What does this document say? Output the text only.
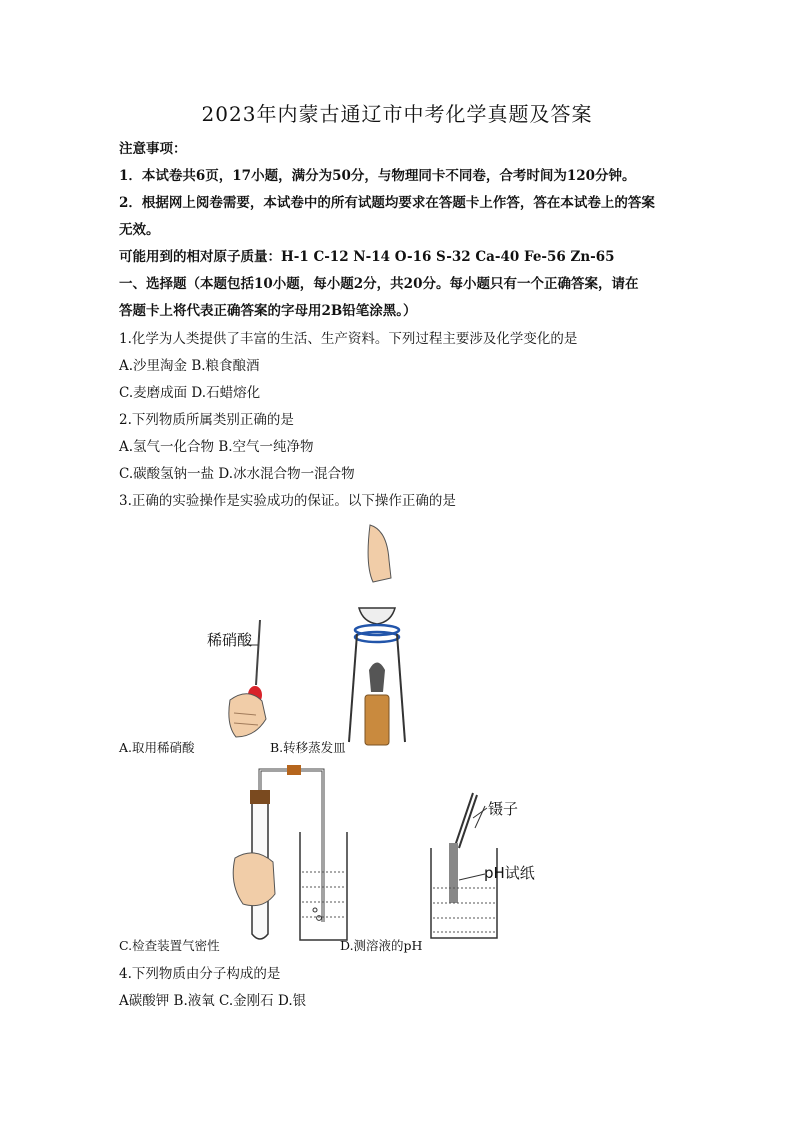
2023年内蒙古通辽市中考化学真题及答案
注意事项：
1．本试卷共6页，17小题，满分为50分，与物理同卡不同卷，合考时间为120分钟。
2．根据网上阅卷需要，本试卷中的所有试题均要求在答题卡上作答，答在本试卷上的答案
无效。
可能用到的相对原子质量：H-1 C-12 N-14 O-16 S-32 Ca-40 Fe-56 Zn-65
一、选择题（本题包括10小题，每小题2分，共20分。每小题只有一个正确答案，请在
答题卡上将代表正确答案的字母用2B铅笔涂黑。）
1.化学为人类提供了丰富的生活、生产资料。下列过程主要涉及化学变化的是
A.沙里淘金 B.粮食酿酒
C.麦磨成面 D.石蜡熔化
2.下列物质所属类别正确的是
A.氢气一化合物 B.空气一纯净物
C.碳酸氢钠一盐 D.冰水混合物一混合物
3.正确的实验操作是实验成功的保证。以下操作正确的是
稀硝酸
A.取用稀硝酸	B.转移蒸发皿
镊子
pH试纸
C.检查装置气密性	D.测溶液的pH
4.下列物质由分子构成的是
A碳酸钾 B.液氧 C.金刚石 D.银
